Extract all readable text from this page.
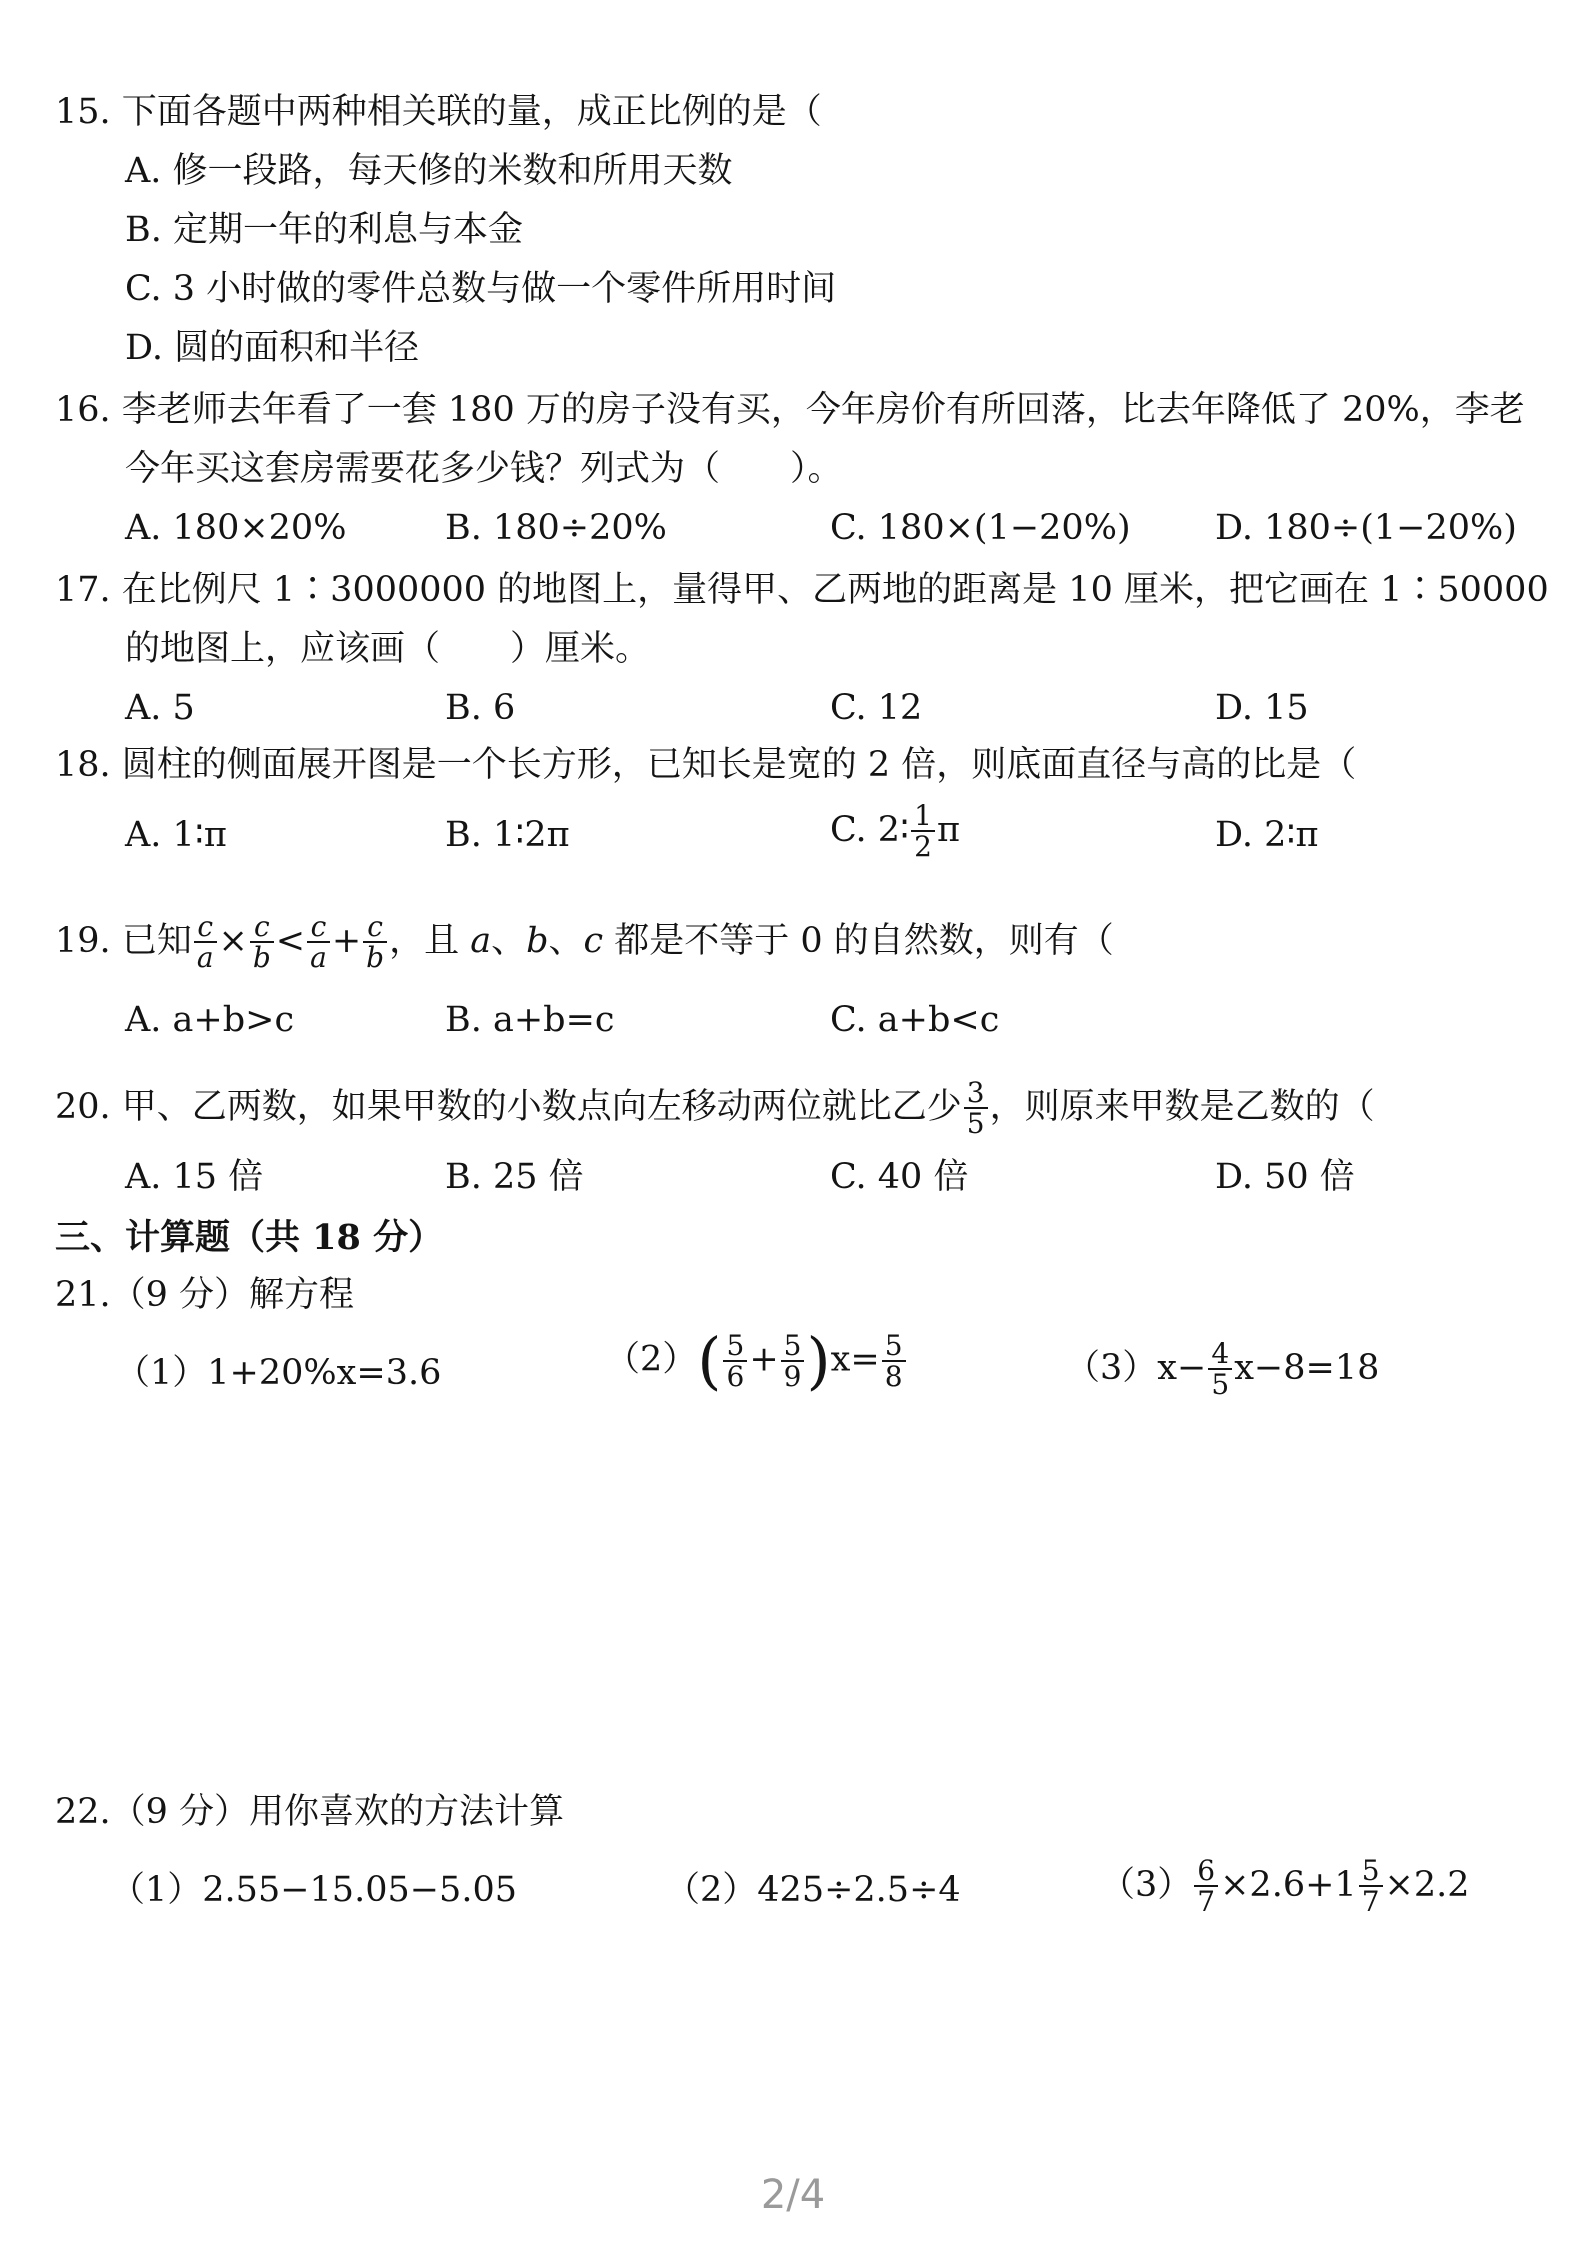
15. 下面各题中两种相关联的量，成正比例的是（
A. 修一段路，每天修的米数和所用天数
B. 定期一年的利息与本金
C. 3 小时做的零件总数与做一个零件所用时间
D. 圆的面积和半径
16. 李老师去年看了一套 180 万的房子没有买，今年房价有所回落，比去年降低了 20%，李老
今年买这套房需要花多少钱？列式为（　　）。
A. 180×20%	B. 180÷20%	C. 180×(1−20%) D. 180÷(1−20%)
17. 在比例尺 1∶3000000 的地图上，量得甲、乙两地的距离是 10 厘米，把它画在 1∶50000
的地图上，应该画（　　）厘米。
A. 5	B. 6	C. 12	D. 15
18. 圆柱的侧面展开图是一个长方形，已知长是宽的 2 倍，则底面直径与高的比是（
A. 1∶π	B. 1∶2π	C. 2∶ $\frac{1}{2}$ π	D. 2∶π
19. 已知 $\frac{c}{a} \times \frac{c}{b} < \frac{c}{a} + \frac{c}{b}$ ，且 a、b、c 都是不等于 0 的自然数，则有（
A. a+b>c	B. a+b=c	C. a+b<c
20. 甲、乙两数，如果甲数的小数点向左移动两位就比乙少 $\frac{3}{5}$ ，则原来甲数是乙数的（
A. 15 倍	B. 25 倍	C. 40 倍	D. 50 倍
三、计算题（共 18 分）
21.（9 分）解方程
（1）1+20%x=3.6	$(2)( \frac{5}{6} + \frac{5}{9} )x= \frac{5}{8}$	$(3)x- \frac{4}{5} x-8=18$
22.（9 分）用你喜欢的方法计算
（1）2.55−15.05−5.05	（2）425÷2.5÷4	$(3) \frac{6}{7} \times 2.6+1 \frac{5}{7} \times 2.2$
2/4
